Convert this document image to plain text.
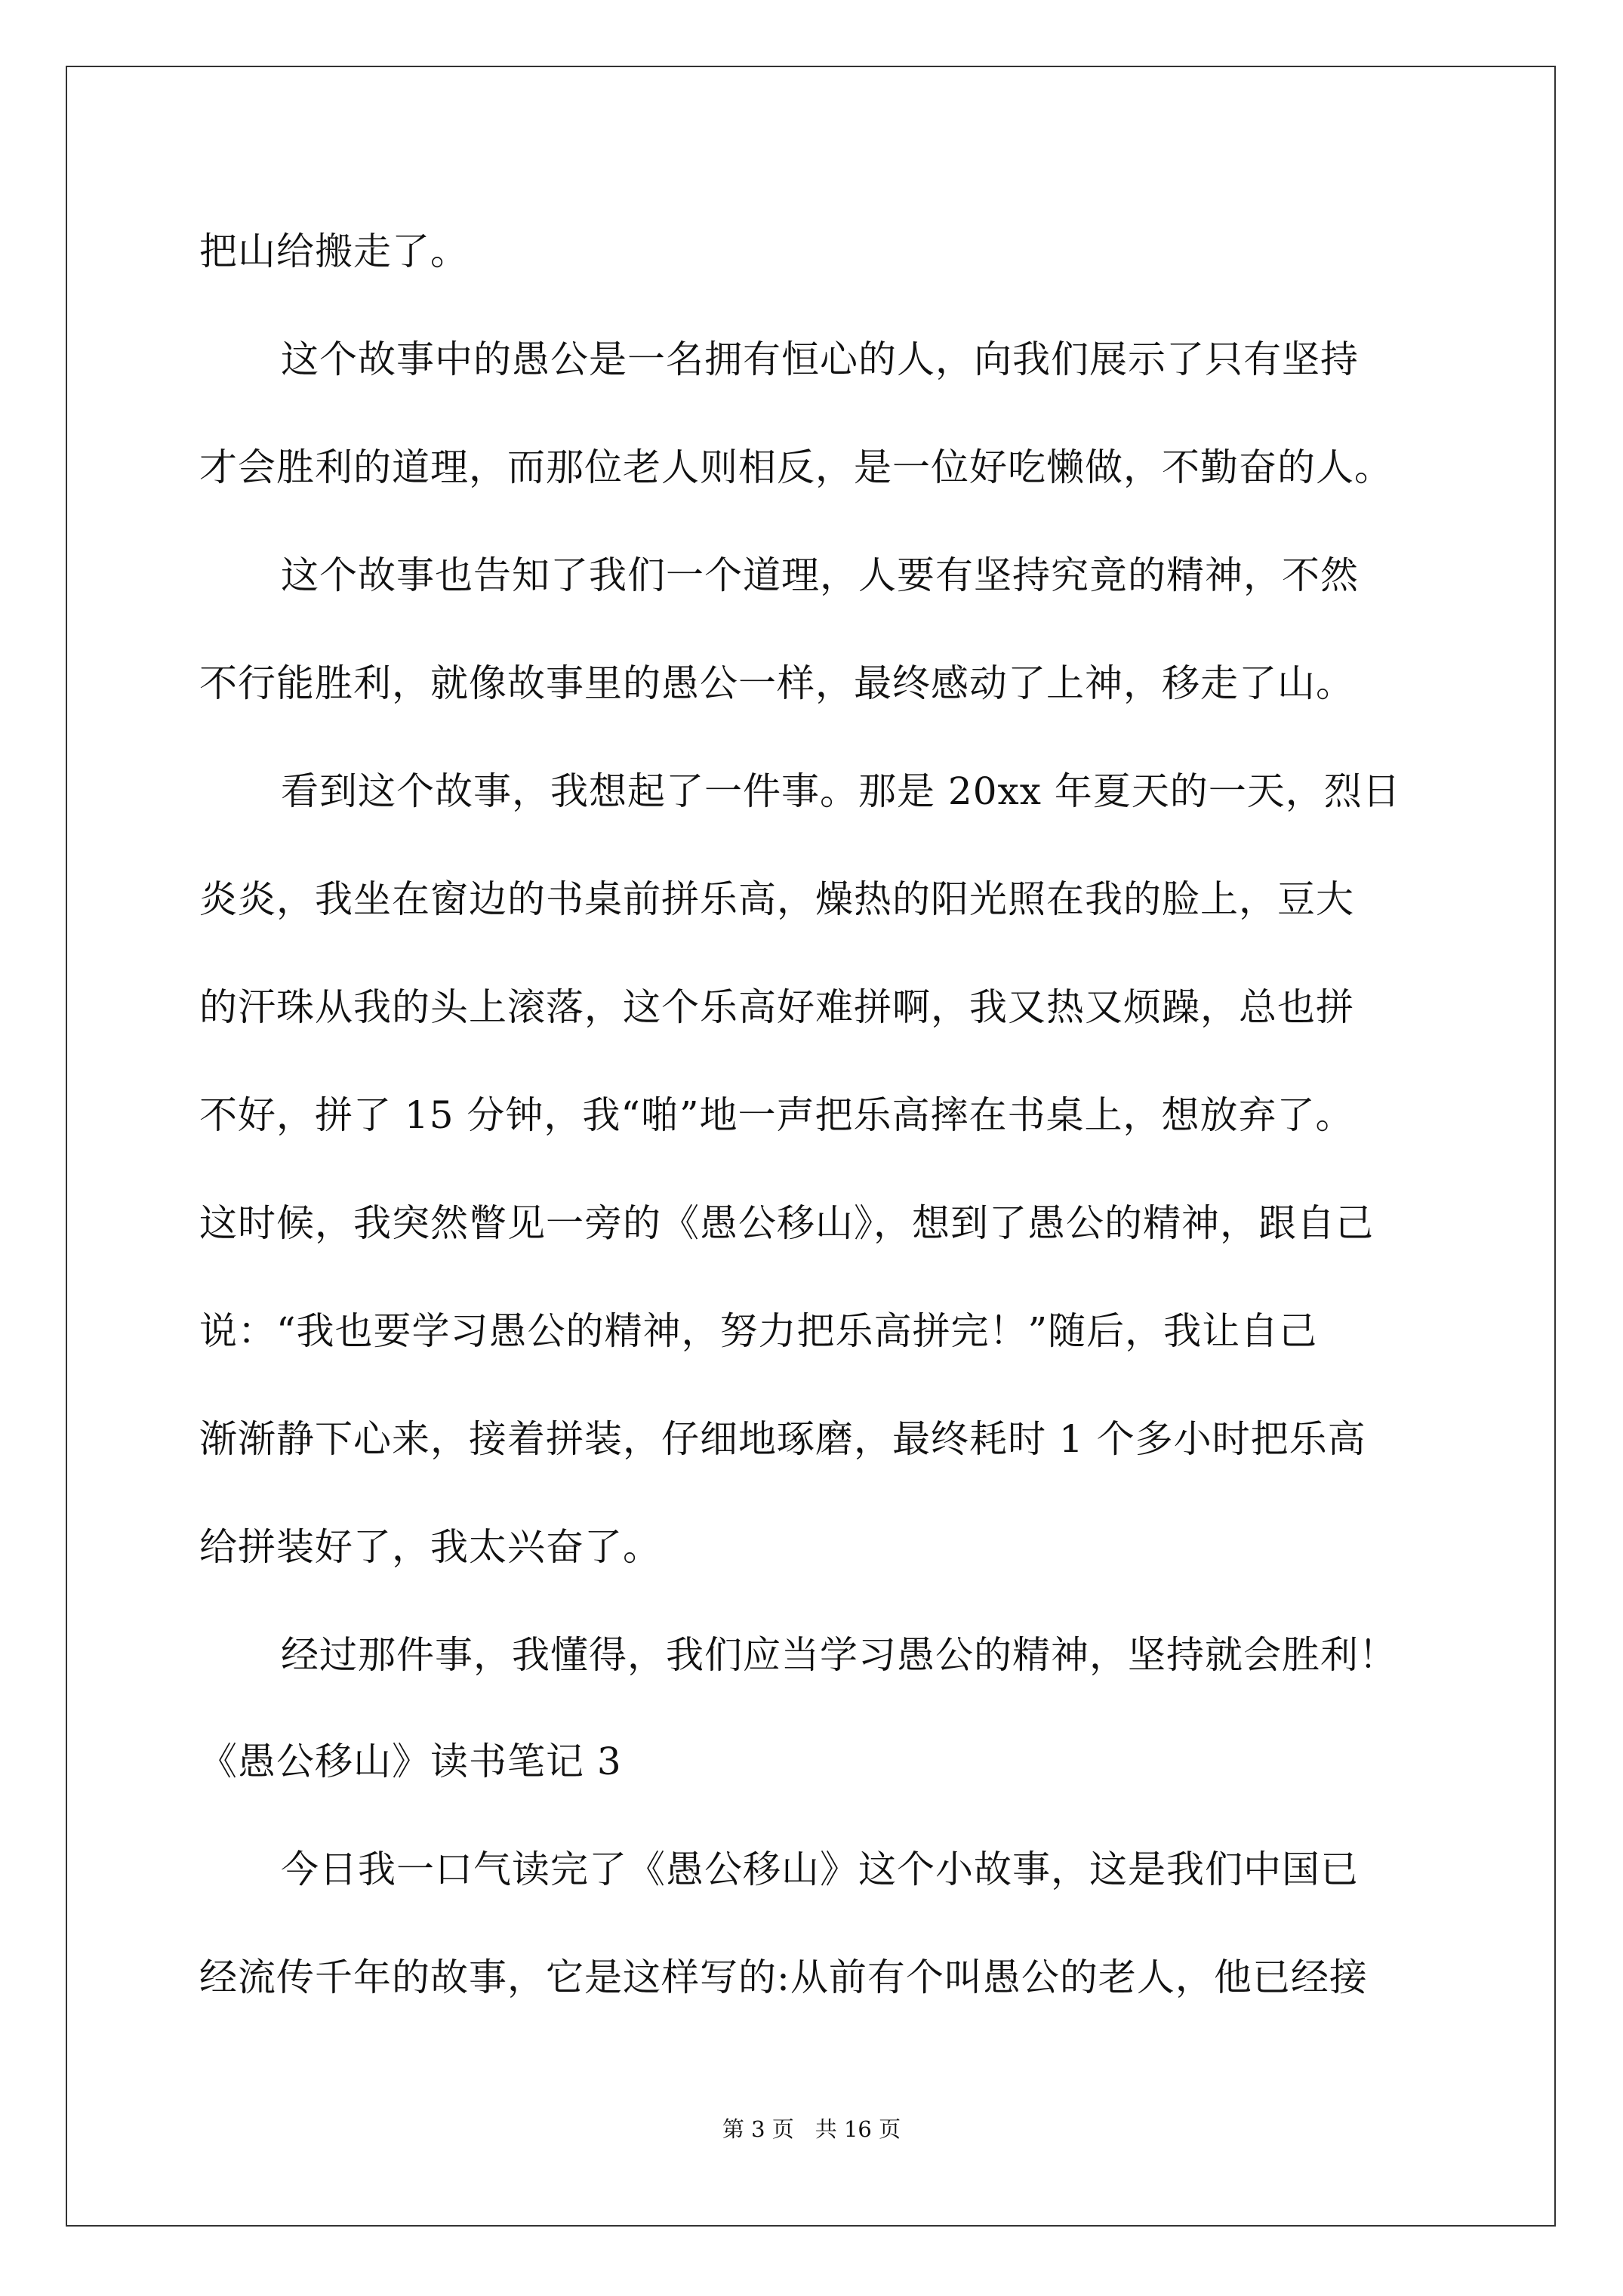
把山给搬走了。
这个故事中的愚公是一名拥有恒心的人，向我们展示了只有坚持
才会胜利的道理，而那位老人则相反，是一位好吃懒做，不勤奋的人。
这个故事也告知了我们一个道理，人要有坚持究竟的精神，不然
不行能胜利，就像故事里的愚公一样，最终感动了上神，移走了山。
看到这个故事，我想起了一件事。那是 20xx 年夏天的一天，烈日
炎炎，我坐在窗边的书桌前拼乐高，燥热的阳光照在我的脸上，豆大
的汗珠从我的头上滚落，这个乐高好难拼啊，我又热又烦躁，总也拼
不好，拼了 15 分钟，我“啪”地一声把乐高摔在书桌上，想放弃了。
这时候，我突然瞥见一旁的《愚公移山》，想到了愚公的精神，跟自己
说：“我也要学习愚公的精神，努力把乐高拼完！”随后，我让自己
渐渐静下心来，接着拼装，仔细地琢磨，最终耗时 1 个多小时把乐高
给拼装好了，我太兴奋了。
经过那件事，我懂得，我们应当学习愚公的精神，坚持就会胜利！
《愚公移山》读书笔记 3
今日我一口气读完了《愚公移山》这个小故事，这是我们中国已
经流传千年的故事，它是这样写的:从前有个叫愚公的老人，他已经接
第 3 页 共 16 页
